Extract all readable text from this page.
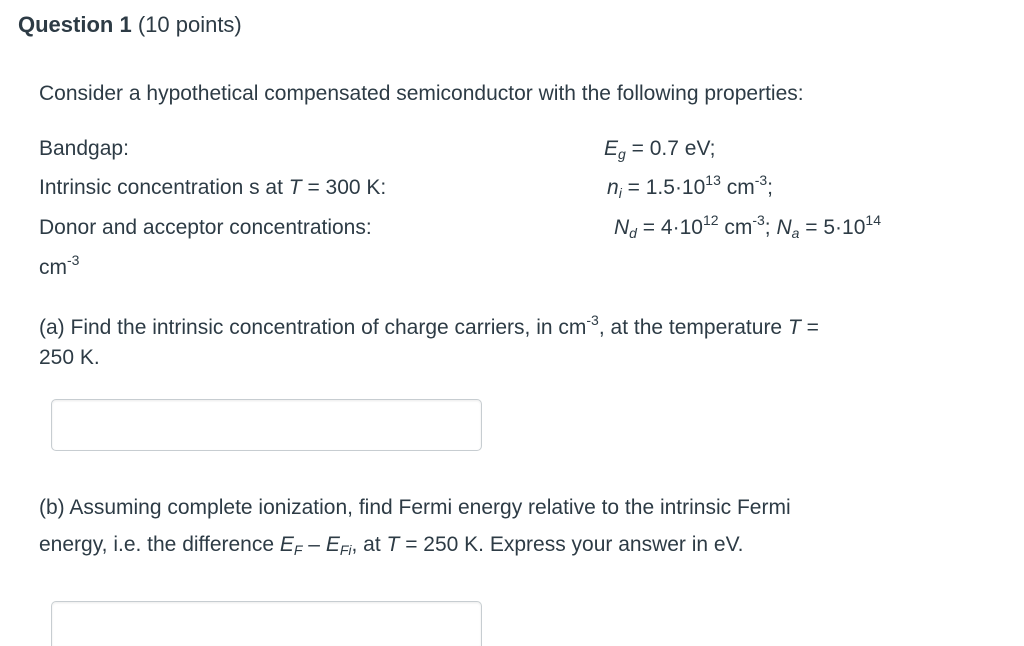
Question 1 (10 points)
Consider a hypothetical compensated semiconductor with the following properties:
Bandgap:	$E_g = 0.7$ eV;
Intrinsic concentration s at T = 300 K:	$n_i = 1.5\cdot 10^{13}$ $cm^{-3}$;
Donor and acceptor concentrations:	$N_d = 4\cdot 10^{12}$ $cm^{-3}$; $N_a = 5\cdot 10^{14}$
$cm^{-3}$
(a) Find the intrinsic concentration of charge carriers, in $cm^{-3}$, at the temperature T =
250 K.
(b) Assuming complete ionization, find Fermi energy relative to the intrinsic Fermi
energy, i.e. the difference $E_F - E_{Fi}$, at T = 250 K. Express your answer in eV.
